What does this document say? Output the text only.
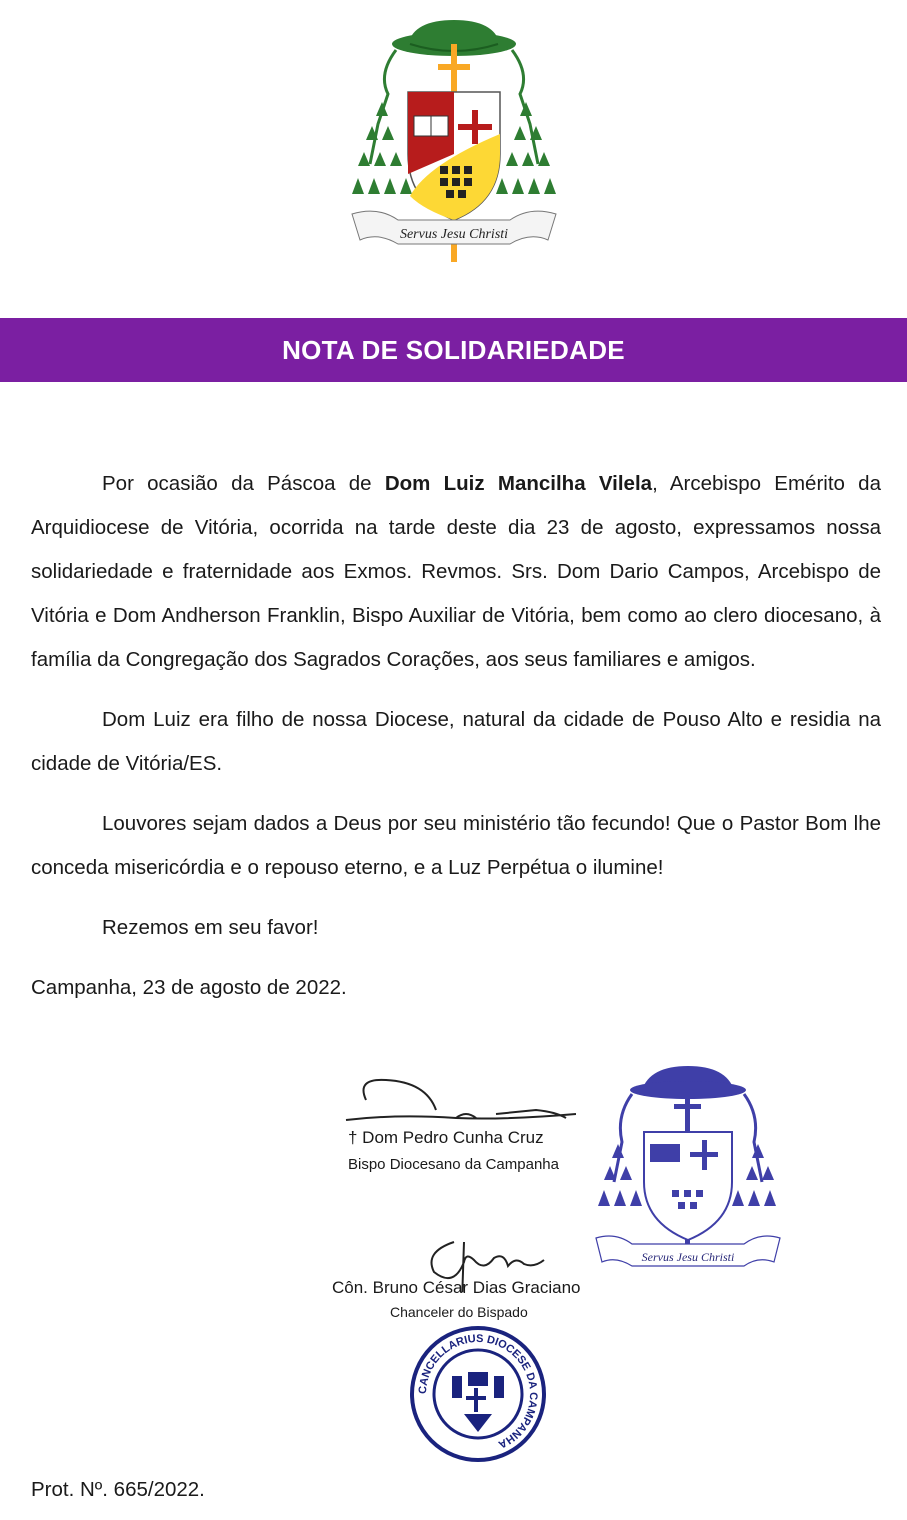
Servus Jesu Christi
NOTA DE SOLIDARIEDADE

Por ocasião da Páscoa de Dom Luiz Mancilha Vilela, Arcebispo Emérito da Arquidiocese de Vitória, ocorrida na tarde deste dia 23 de agosto, expressamos nossa solidariedade e fraternidade aos Exmos. Revmos. Srs. Dom Dario Campos, Arcebispo de Vitória e Dom Andherson Franklin, Bispo Auxiliar de Vitória, bem como ao clero diocesano, à família da Congregação dos Sagrados Corações, aos seus familiares e amigos.

Dom Luiz era filho de nossa Diocese, natural da cidade de Pouso Alto e residia na cidade de Vitória/ES.

Louvores sejam dados a Deus por seu ministério tão fecundo! Que o Pastor Bom lhe conceda misericórdia e o repouso eterno, e a Luz Perpétua o ilumine!

Rezemos em seu favor!

Campanha, 23 de agosto de 2022.

† Dom Pedro Cunha Cruz
Bispo Diocesano da Campanha
Servus Jesu Christi
Côn. Bruno César Dias Graciano
Chanceler do Bispado
CANCELLARIUS DIOCESE DA CAMPANHA
Prot. Nº. 665/2022.
